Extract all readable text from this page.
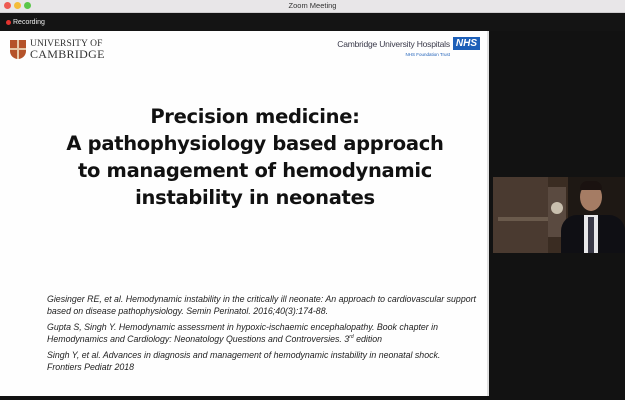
Zoom Meeting
Recording
UNIVERSITY OF
CAMBRIDGE
Cambridge University Hospitals NHS
NHS Foundation Trust
Precision medicine:
A pathophysiology based approach
to management of hemodynamic
instability in neonates
Giesinger RE, et al. Hemodynamic instability in the critically ill neonate: An approach to cardiovascular support based on disease pathophysiology. Semin Perinatol. 2016;40(3):174-88.
Gupta S, Singh Y. Hemodynamic assessment in hypoxic-ischaemic encephalopathy. Book chapter in Hemodynamics and Cardiology: Neonatology Questions and Controversies. 3rd edition
Singh Y, et al. Advances in diagnosis and management of hemodynamic instability in neonatal shock. Frontiers Pediatr 2018
